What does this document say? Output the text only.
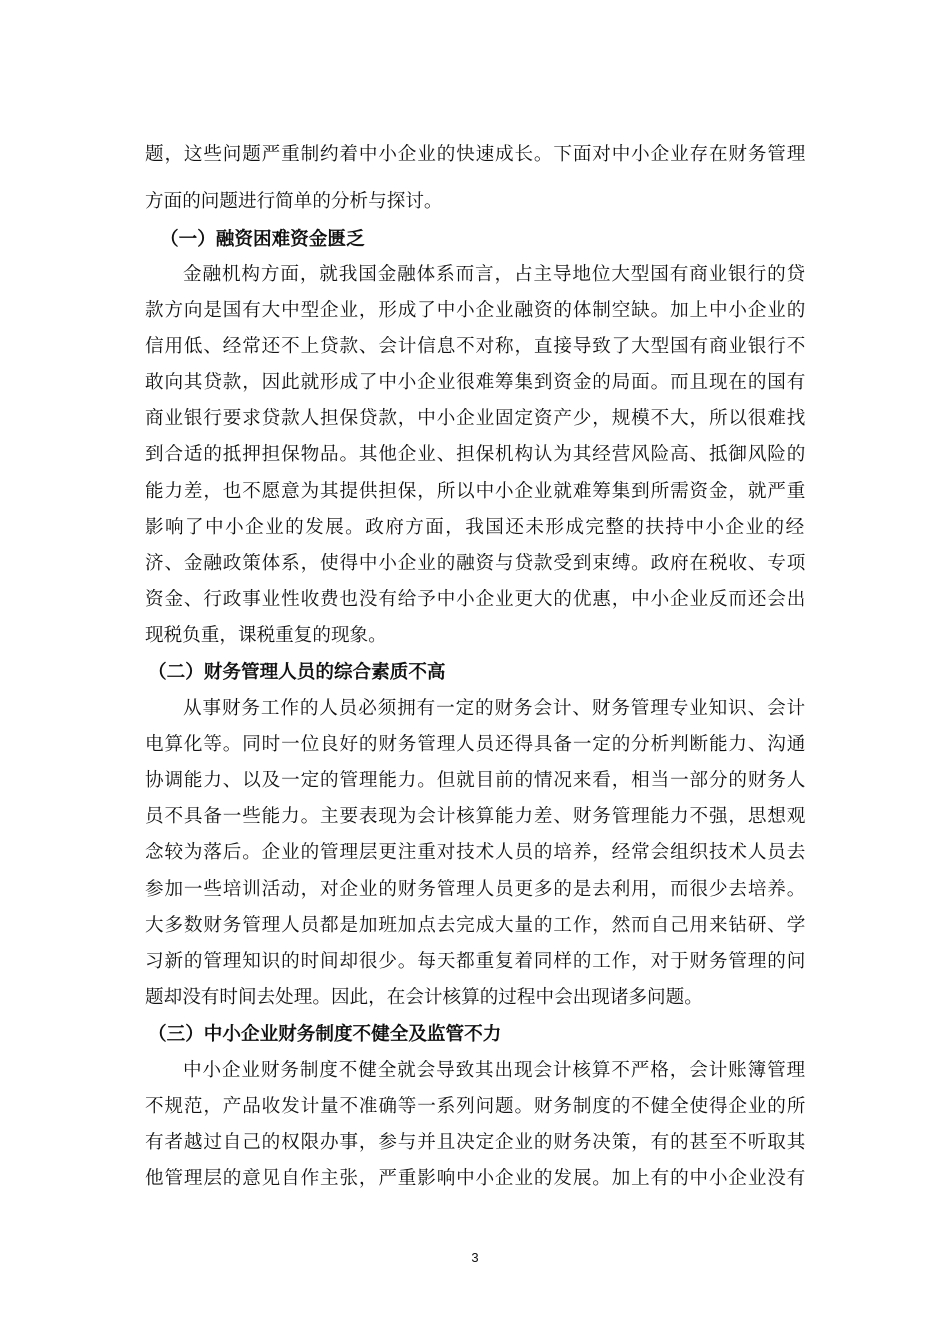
题，这些问题严重制约着中小企业的快速成长。下面对中小企业存在财务管理
方面的问题进行简单的分析与探讨。
（一）融资困难资金匮乏
金融机构方面，就我国金融体系而言，占主导地位大型国有商业银行的贷
款方向是国有大中型企业，形成了中小企业融资的体制空缺。加上中小企业的
信用低、经常还不上贷款、会计信息不对称，直接导致了大型国有商业银行不
敢向其贷款，因此就形成了中小企业很难筹集到资金的局面。而且现在的国有
商业银行要求贷款人担保贷款，中小企业固定资产少，规模不大，所以很难找
到合适的抵押担保物品。其他企业、担保机构认为其经营风险高、抵御风险的
能力差，也不愿意为其提供担保，所以中小企业就难筹集到所需资金，就严重
影响了中小企业的发展。政府方面，我国还未形成完整的扶持中小企业的经
济、金融政策体系，使得中小企业的融资与贷款受到束缚。政府在税收、专项
资金、行政事业性收费也没有给予中小企业更大的优惠，中小企业反而还会出
现税负重，课税重复的现象。
（二）财务管理人员的综合素质不高
从事财务工作的人员必须拥有一定的财务会计、财务管理专业知识、会计
电算化等。同时一位良好的财务管理人员还得具备一定的分析判断能力、沟通
协调能力、以及一定的管理能力。但就目前的情况来看，相当一部分的财务人
员不具备一些能力。主要表现为会计核算能力差、财务管理能力不强，思想观
念较为落后。企业的管理层更注重对技术人员的培养，经常会组织技术人员去
参加一些培训活动，对企业的财务管理人员更多的是去利用，而很少去培养。
大多数财务管理人员都是加班加点去完成大量的工作，然而自己用来钻研、学
习新的管理知识的时间却很少。每天都重复着同样的工作，对于财务管理的问
题却没有时间去处理。因此，在会计核算的过程中会出现诸多问题。
（三）中小企业财务制度不健全及监管不力
中小企业财务制度不健全就会导致其出现会计核算不严格，会计账簿管理
不规范，产品收发计量不准确等一系列问题。财务制度的不健全使得企业的所
有者越过自己的权限办事，参与并且决定企业的财务决策，有的甚至不听取其
他管理层的意见自作主张，严重影响中小企业的发展。加上有的中小企业没有
3
